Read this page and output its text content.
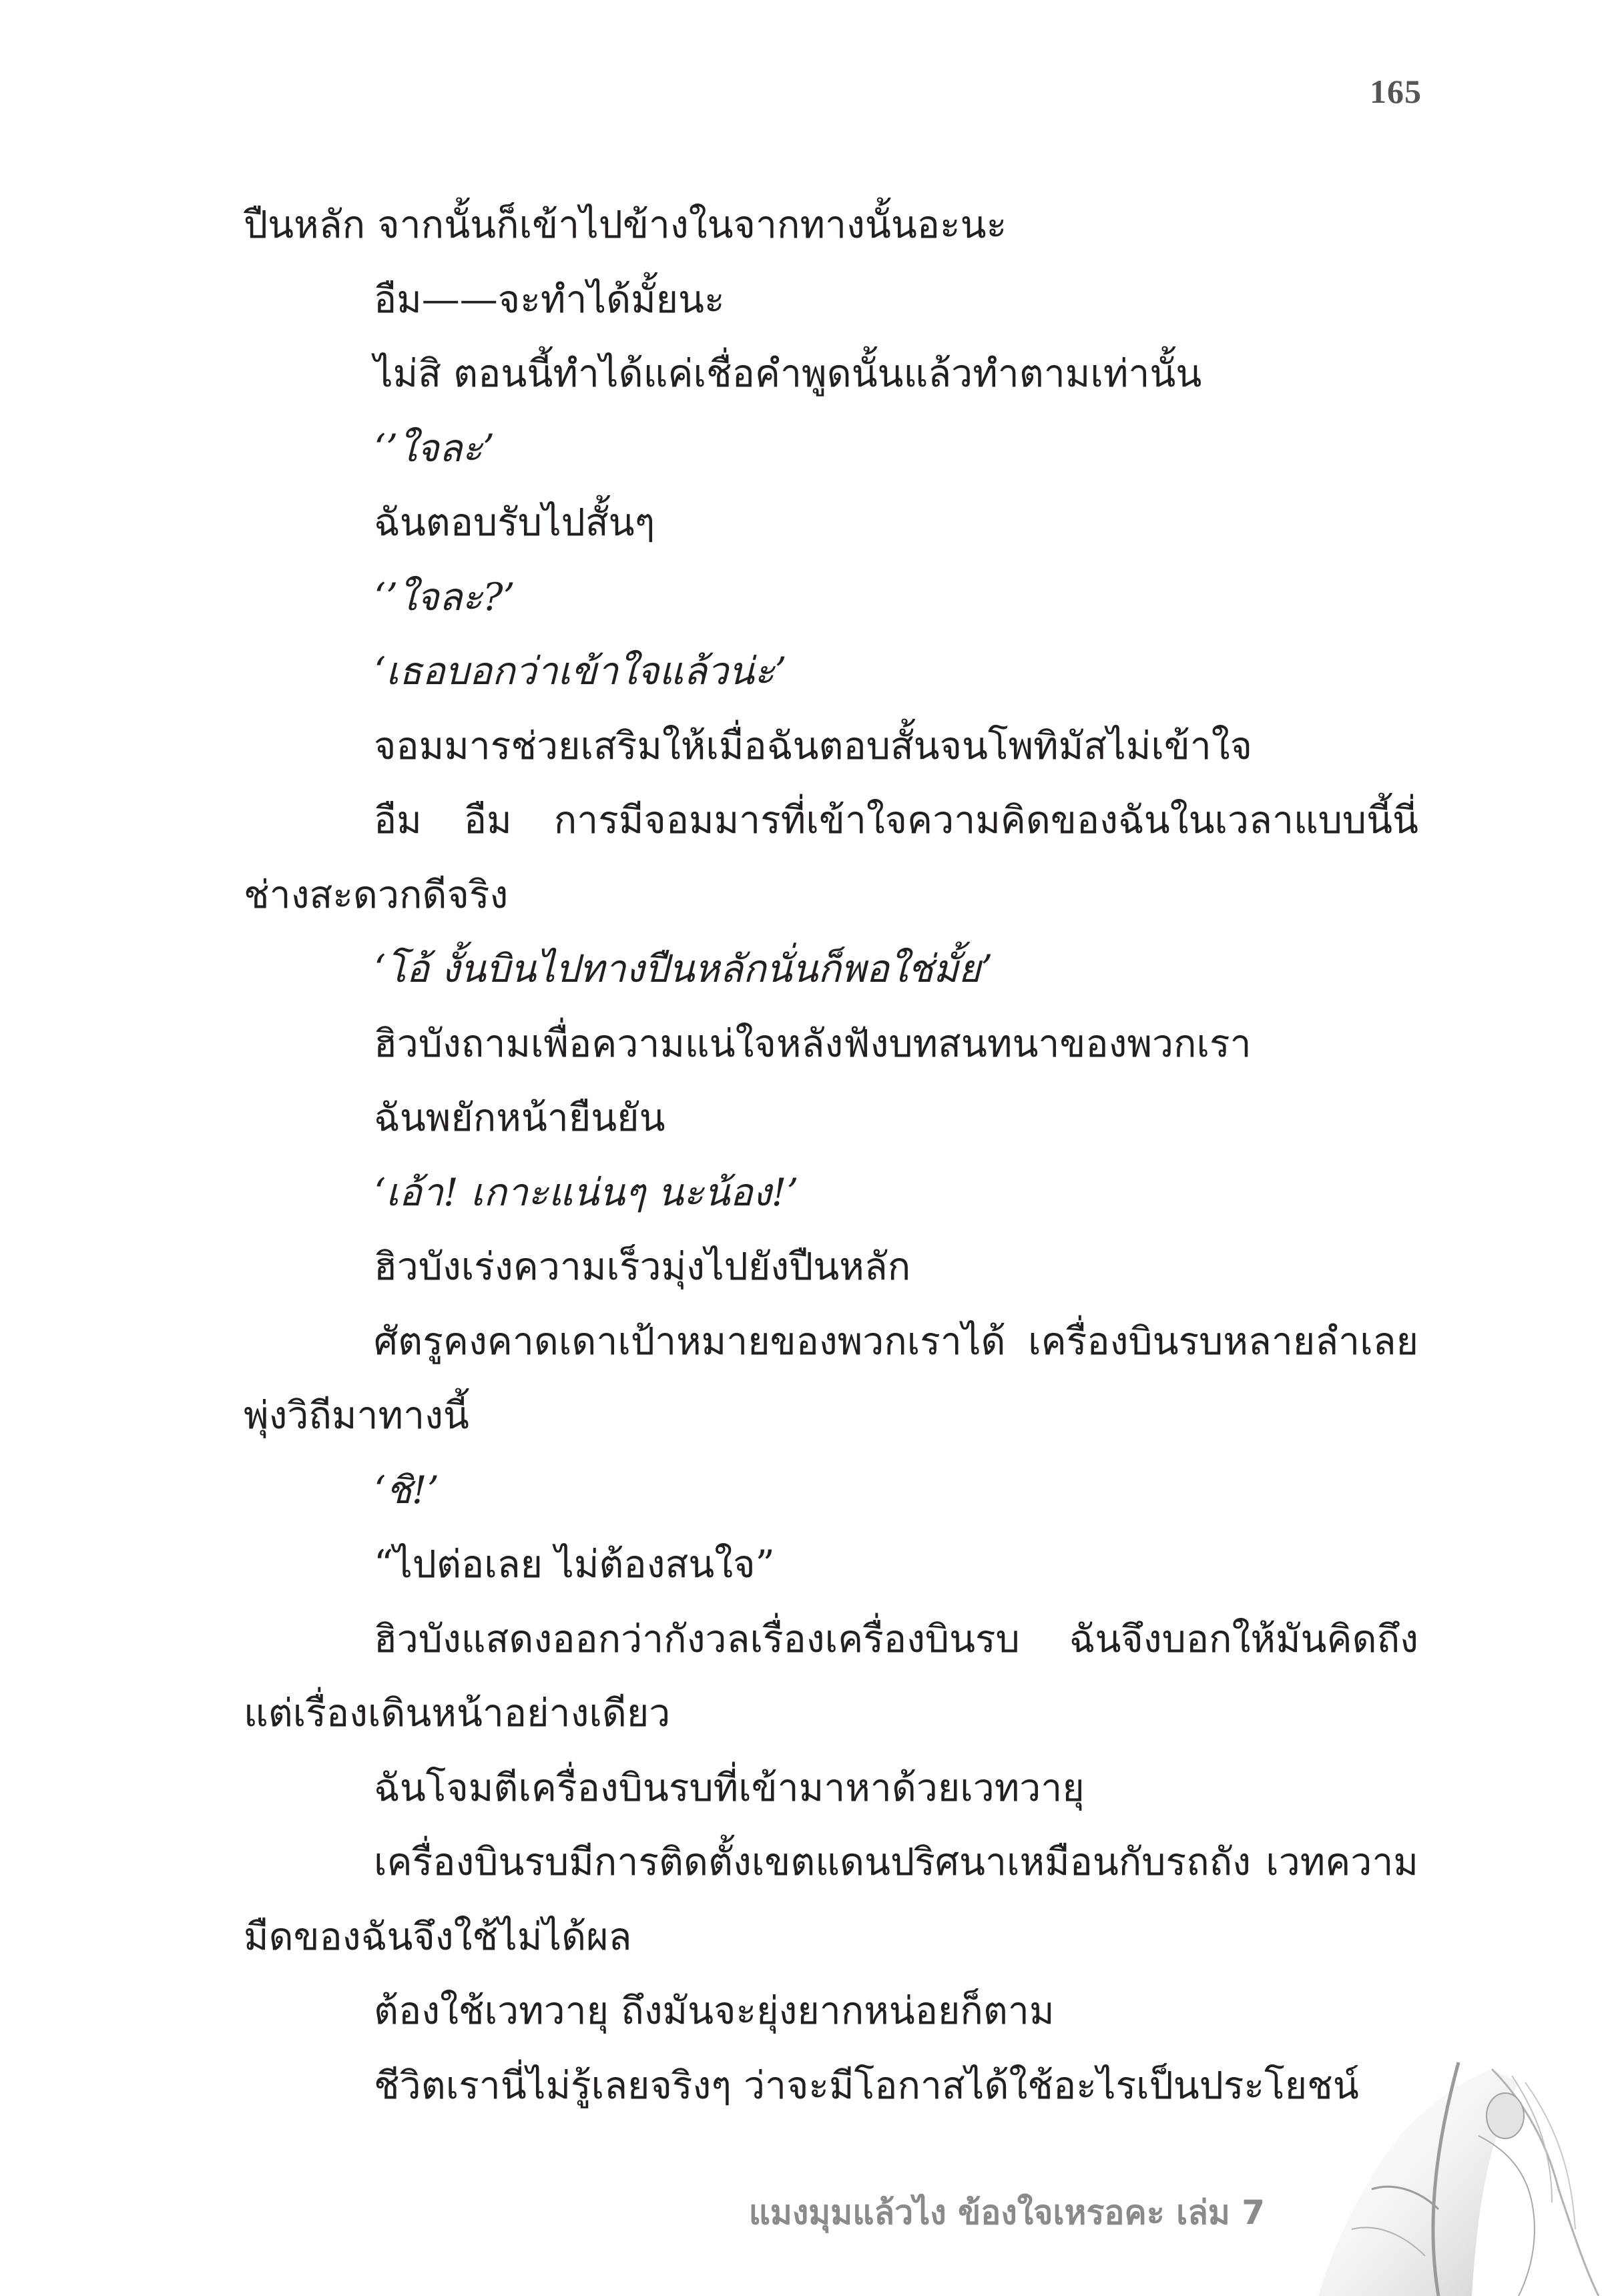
165

ปืนหลัก จากนั้นก็เข้าไปข้างในจากทางนั้นอะนะ

อืม——จะทำได้มั้ยนะ

ไม่สิ ตอนนี้ทำได้แค่เชื่อคำพูดนั้นแล้วทำตามเท่านั้น

‘’ใจละ’

ฉันตอบรับไปสั้นๆ

‘’ใจละ?’

‘เธอบอกว่าเข้าใจแล้วน่ะ’

จอมมารช่วยเสริมให้เมื่อฉันตอบสั้นจนโพทิมัสไม่เข้าใจ

อืม อืม การมีจอมมารที่เข้าใจความคิดของฉันในเวลาแบบนี้นี่ช่างสะดวกดีจริง

‘โอ้ งั้นบินไปทางปืนหลักนั่นก็พอใช่มั้ย’

ฮิวบังถามเพื่อความแน่ใจหลังฟังบทสนทนาของพวกเรา

ฉันพยักหน้ายืนยัน

‘เอ้า! เกาะแน่นๆ นะน้อง!’

ฮิวบังเร่งความเร็วมุ่งไปยังปืนหลัก

ศัตรูคงคาดเดาเป้าหมายของพวกเราได้ เครื่องบินรบหลายลำเลยพุ่งวิถีมาทางนี้

‘ชิ!’

“ไปต่อเลย ไม่ต้องสนใจ”

ฮิวบังแสดงออกว่ากังวลเรื่องเครื่องบินรบ ฉันจึงบอกให้มันคิดถึงแต่เรื่องเดินหน้าอย่างเดียว

ฉันโจมตีเครื่องบินรบที่เข้ามาหาด้วยเวทวายุ

เครื่องบินรบมีการติดตั้งเขตแดนปริศนาเหมือนกับรถถัง เวทความมืดของฉันจึงใช้ไม่ได้ผล

ต้องใช้เวทวายุ ถึงมันจะยุ่งยากหน่อยก็ตาม

ชีวิตเรานี่ไม่รู้เลยจริงๆ ว่าจะมีโอกาสได้ใช้อะไรเป็นประโยชน์

แมงมุมแล้วไง ข้องใจเหรอคะ เล่ม 7
